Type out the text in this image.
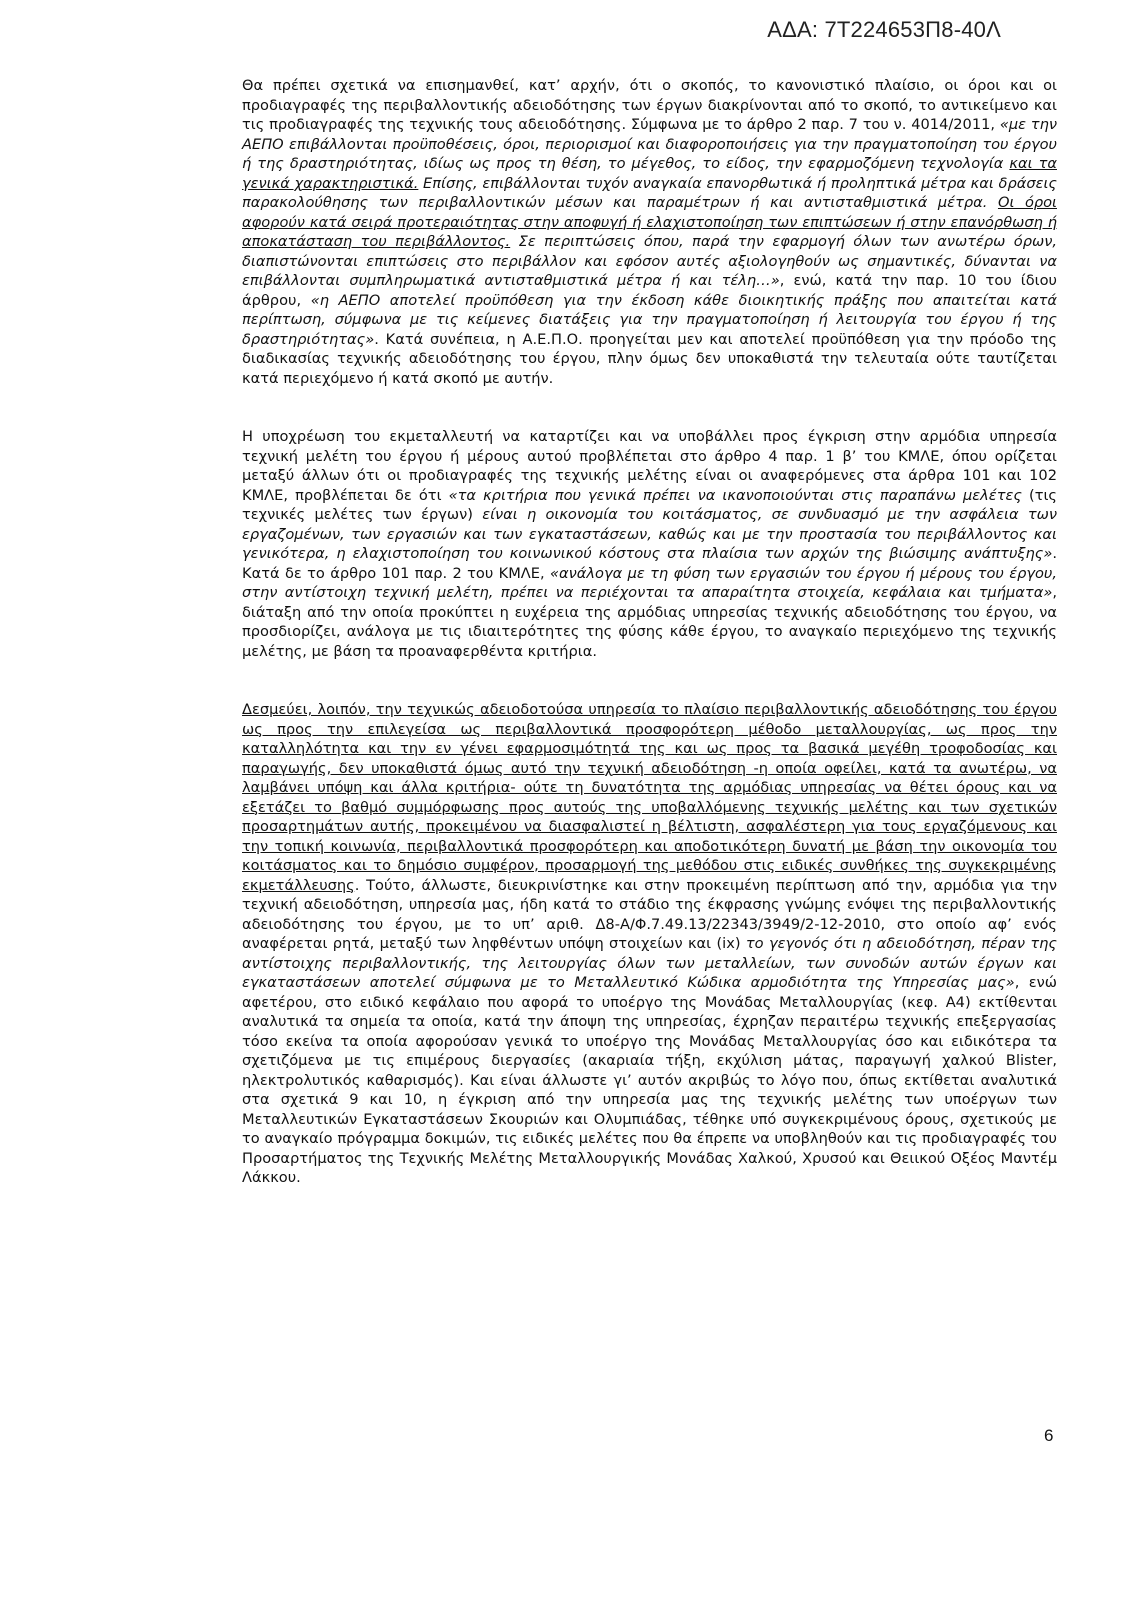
ΑΔΑ: 7Τ224653Π8-40Λ

Θα πρέπει σχετικά να επισημανθεί, κατ’ αρχήν, ότι ο σκοπός, το κανονιστικό πλαίσιο, οι όροι και οι προδιαγραφές της περιβαλλοντικής αδειοδότησης των έργων διακρίνονται από το σκοπό, το αντικείμενο και τις προδιαγραφές της τεχνικής τους αδειοδότησης. Σύμφωνα με το άρθρο 2 παρ. 7 του ν. 4014/2011, «με την ΑΕΠΟ επιβάλλονται προϋποθέσεις, όροι, περιορισμοί και διαφοροποιήσεις για την πραγματοποίηση του έργου ή της δραστηριότητας, ιδίως ως προς τη θέση, το μέγεθος, το είδος, την εφαρμοζόμενη τεχνολογία και τα γενικά χαρακτηριστικά. Επίσης, επιβάλλονται τυχόν αναγκαία επανορθωτικά ή προληπτικά μέτρα και δράσεις παρακολούθησης των περιβαλλοντικών μέσων και παραμέτρων ή και αντισταθμιστικά μέτρα. Οι όροι αφορούν κατά σειρά προτεραιότητας στην αποφυγή ή ελαχιστοποίηση των επιπτώσεων ή στην επανόρθωση ή αποκατάσταση του περιβάλλοντος. Σε περιπτώσεις όπου, παρά την εφαρμογή όλων των ανωτέρω όρων, διαπιστώνονται επιπτώσεις στο περιβάλλον και εφόσον αυτές αξιολογηθούν ως σημαντικές, δύνανται να επιβάλλονται συμπληρωματικά αντισταθμιστικά μέτρα ή και τέλη…», ενώ, κατά την παρ. 10 του ίδιου άρθρου, «η ΑΕΠΟ αποτελεί προϋπόθεση για την έκδοση κάθε διοικητικής πράξης που απαιτείται κατά περίπτωση, σύμφωνα με τις κείμενες διατάξεις για την πραγματοποίηση ή λειτουργία του έργου ή της δραστηριότητας». Κατά συνέπεια, η Α.Ε.Π.Ο. προηγείται μεν και αποτελεί προϋπόθεση για την πρόοδο της διαδικασίας τεχνικής αδειοδότησης του έργου, πλην όμως δεν υποκαθιστά την τελευταία ούτε ταυτίζεται κατά περιεχόμενο ή κατά σκοπό με αυτήν.

Η υποχρέωση του εκμεταλλευτή να καταρτίζει και να υποβάλλει προς έγκριση στην αρμόδια υπηρεσία τεχνική μελέτη του έργου ή μέρους αυτού προβλέπεται στο άρθρο 4 παρ. 1 β’ του ΚΜΛΕ, όπου ορίζεται μεταξύ άλλων ότι οι προδιαγραφές της τεχνικής μελέτης είναι οι αναφερόμενες στα άρθρα 101 και 102 ΚΜΛΕ, προβλέπεται δε ότι «τα κριτήρια που γενικά πρέπει να ικανοποιούνται στις παραπάνω μελέτες (τις τεχνικές μελέτες των έργων) είναι η οικονομία του κοιτάσματος, σε συνδυασμό με την ασφάλεια των εργαζομένων, των εργασιών και των εγκαταστάσεων, καθώς και με την προστασία του περιβάλλοντος και γενικότερα, η ελαχιστοποίηση του κοινωνικού κόστους στα πλαίσια των αρχών της βιώσιμης ανάπτυξης». Κατά δε το άρθρο 101 παρ. 2 του ΚΜΛΕ, «ανάλογα με τη φύση των εργασιών του έργου ή μέρους του έργου, στην αντίστοιχη τεχνική μελέτη, πρέπει να περιέχονται τα απαραίτητα στοιχεία, κεφάλαια και τμήματα», διάταξη από την οποία προκύπτει η ευχέρεια της αρμόδιας υπηρεσίας τεχνικής αδειοδότησης του έργου, να προσδιορίζει, ανάλογα με τις ιδιαιτερότητες της φύσης κάθε έργου, το αναγκαίο περιεχόμενο της τεχνικής μελέτης, με βάση τα προαναφερθέντα κριτήρια.

Δεσμεύει, λοιπόν, την τεχνικώς αδειοδοτούσα υπηρεσία το πλαίσιο περιβαλλοντικής αδειοδότησης του έργου ως προς την επιλεγείσα ως περιβαλλοντικά προσφορότερη μέθοδο μεταλλουργίας, ως προς την καταλληλότητα και την εν γένει εφαρμοσιμότητά της και ως προς τα βασικά μεγέθη τροφοδοσίας και παραγωγής, δεν υποκαθιστά όμως αυτό την τεχνική αδειοδότηση -η οποία οφείλει, κατά τα ανωτέρω, να λαμβάνει υπόψη και άλλα κριτήρια- ούτε τη δυνατότητα της αρμόδιας υπηρεσίας να θέτει όρους και να εξετάζει το βαθμό συμμόρφωσης προς αυτούς της υποβαλλόμενης τεχνικής μελέτης και των σχετικών προσαρτημάτων αυτής, προκειμένου να διασφαλιστεί η βέλτιστη, ασφαλέστερη για τους εργαζόμενους και την τοπική κοινωνία, περιβαλλοντικά προσφορότερη και αποδοτικότερη δυνατή με βάση την οικονομία του κοιτάσματος και το δημόσιο συμφέρον, προσαρμογή της μεθόδου στις ειδικές συνθήκες της συγκεκριμένης εκμετάλλευσης. Τούτο, άλλωστε, διευκρινίστηκε και στην προκειμένη περίπτωση από την, αρμόδια για την τεχνική αδειοδότηση, υπηρεσία μας, ήδη κατά το στάδιο της έκφρασης γνώμης ενόψει της περιβαλλοντικής αδειοδότησης του έργου, με το υπ’ αριθ. Δ8-Α/Φ.7.49.13/22343/3949/2-12-2010, στο οποίο αφ’ ενός αναφέρεται ρητά, μεταξύ των ληφθέντων υπόψη στοιχείων και (ix) το γεγονός ότι η αδειοδότηση, πέραν της αντίστοιχης περιβαλλοντικής, της λειτουργίας όλων των μεταλλείων, των συνοδών αυτών έργων και εγκαταστάσεων αποτελεί σύμφωνα με το Μεταλλευτικό Κώδικα αρμοδιότητα της Υπηρεσίας μας», ενώ αφετέρου, στο ειδικό κεφάλαιο που αφορά το υποέργο της Μονάδας Μεταλλουργίας (κεφ. Α4) εκτίθενται αναλυτικά τα σημεία τα οποία, κατά την άποψη της υπηρεσίας, έχρηζαν περαιτέρω τεχνικής επεξεργασίας τόσο εκείνα τα οποία αφορούσαν γενικά το υποέργο της Μονάδας Μεταλλουργίας όσο και ειδικότερα τα σχετιζόμενα με τις επιμέρους διεργασίες (ακαριαία τήξη, εκχύλιση μάτας, παραγωγή χαλκού Blister, ηλεκτρολυτικός καθαρισμός). Και είναι άλλωστε γι’ αυτόν ακριβώς το λόγο που, όπως εκτίθεται αναλυτικά στα σχετικά 9 και 10, η έγκριση από την υπηρεσία μας της τεχνικής μελέτης των υποέργων των Μεταλλευτικών Εγκαταστάσεων Σκουριών και Ολυμπιάδας, τέθηκε υπό συγκεκριμένους όρους, σχετικούς με το αναγκαίο πρόγραμμα δοκιμών, τις ειδικές μελέτες που θα έπρεπε να υποβληθούν και τις προδιαγραφές του Προσαρτήματος της Τεχνικής Μελέτης Μεταλλουργικής Μονάδας Χαλκού, Χρυσού και Θειικού Οξέος Μαντέμ Λάκκου.

6
